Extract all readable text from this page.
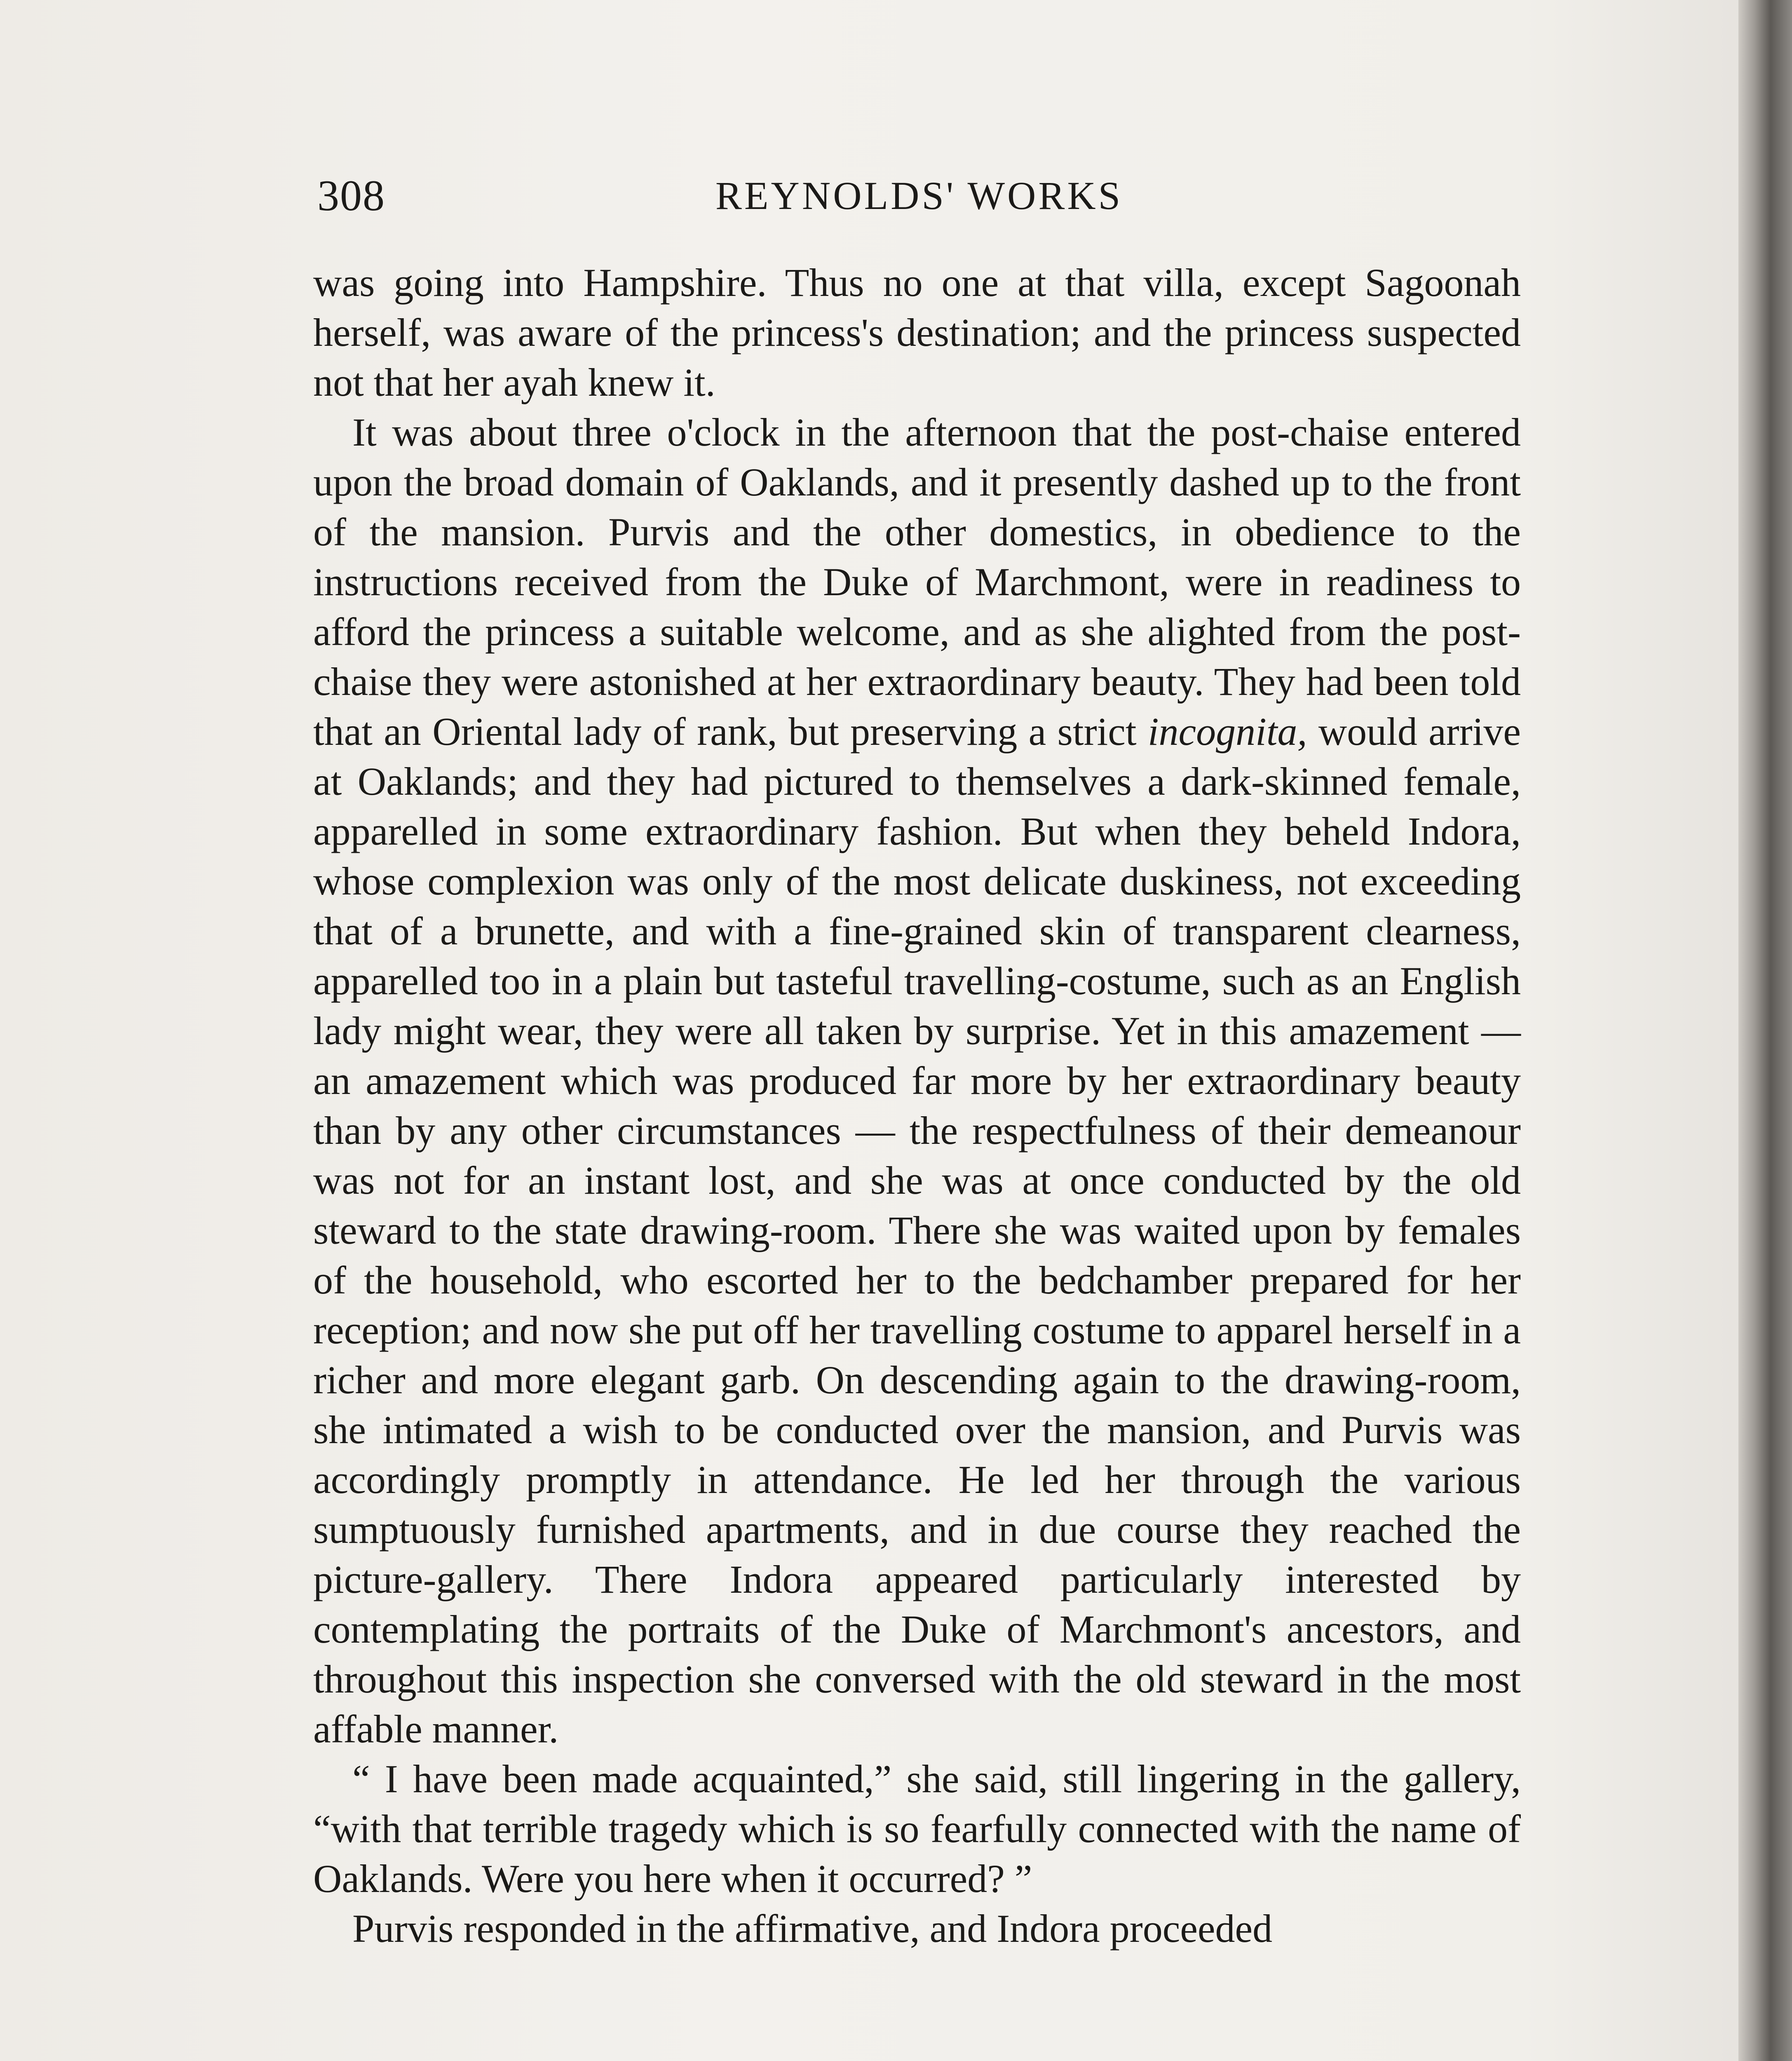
308	REYNOLDS' WORKS

was going into Hampshire. Thus no one at that villa, except Sagoonah herself, was aware of the princess's destination; and the princess suspected not that her ayah knew it.

It was about three o'clock in the afternoon that the post-chaise entered upon the broad domain of Oaklands, and it presently dashed up to the front of the mansion. Purvis and the other domestics, in obedience to the instructions received from the Duke of Marchmont, were in readiness to afford the princess a suitable welcome, and as she alighted from the post-chaise they were astonished at her extraordinary beauty. They had been told that an Oriental lady of rank, but preserving a strict incognita, would arrive at Oaklands; and they had pictured to themselves a dark-skinned female, apparelled in some extraordinary fashion. But when they beheld Indora, whose complexion was only of the most delicate duskiness, not exceeding that of a brunette, and with a fine-grained skin of transparent clearness, apparelled too in a plain but tasteful travelling-costume, such as an English lady might wear, they were all taken by surprise. Yet in this amazement — an amazement which was produced far more by her extraordinary beauty than by any other circumstances — the respectfulness of their demeanour was not for an instant lost, and she was at once conducted by the old steward to the state drawing-room. There she was waited upon by females of the household, who escorted her to the bedchamber prepared for her reception; and now she put off her travelling costume to apparel herself in a richer and more elegant garb. On descending again to the drawing-room, she intimated a wish to be conducted over the mansion, and Purvis was accordingly promptly in attendance. He led her through the various sumptuously furnished apartments, and in due course they reached the picture-gallery. There Indora appeared particularly interested by contemplating the portraits of the Duke of Marchmont's ancestors, and throughout this inspection she conversed with the old steward in the most affable manner.

“ I have been made acquainted,” she said, still lingering in the gallery, “with that terrible tragedy which is so fearfully connected with the name of Oaklands. Were you here when it occurred? ”

Purvis responded in the affirmative, and Indora proceeded
